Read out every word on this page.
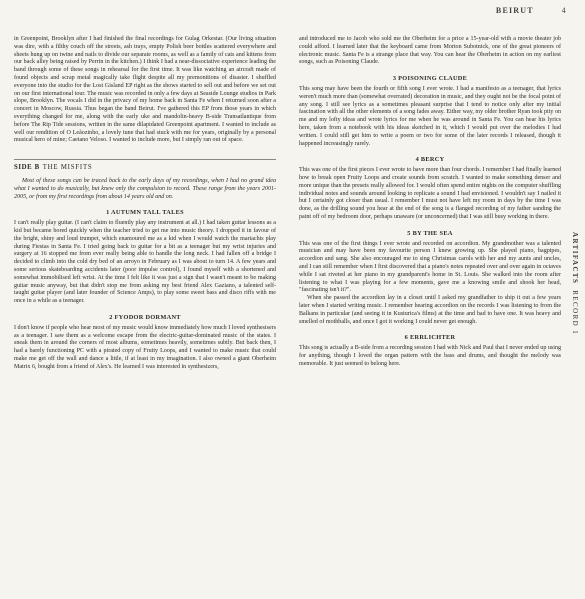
BEIRUT	4

in Greenpoint, Brooklyn after I had finished the final recordings for Gulag Orkestar. (Our living situation was dire, with a filthy couch off the streets, ash trays, empty Polish beer bottles scattered everywhere and sheets hung up on twine and nails to divide our separate rooms, as well as a family of cats and kittens from our back alley being raised by Perrin in the kitchen.) I think I had a near-dissociative experience leading the band through some of these songs in rehearsal for the first time. It was like watching an aircraft made of found objects and scrap metal magically take flight despite all my premonitions of disaster. I shuffled everyone into the studio for the Lost Gisland EP right as the shows started to sell out and before we set out on our first international tour. The music was recorded in only a few days at Seaside Lounge studios in Park slope, Brooklyn. The vocals I did in the privacy of my home back in Santa Fe when I returned soon after a concert in Moscow, Russia. Thus began the band Beirut. I've gathered this EP from those years in which everything changed for me, along with the early uke and mandolin-heavy B-side Transatlantique from before The Rip Tide sessions, written in the same dilapidated Greenpoint apartment. I wanted to include as well our rendition of O Leãozinho, a lovely tune that had stuck with me for years, originally by a personal musical hero of mine; Caetano Veloso. I wanted to include more, but I simply ran out of space.

SIDE B THE MISFITS

Most of these songs can be traced back to the early days of my recordings, when I had no grand idea what I wanted to do musically, but knew only the compulsion to record. These range from the years 2001-2005, or from my first recordings from about 14 years old and on.

1 AUTUMN TALL TALES

I can't really play guitar. (I can't claim to fluently play any instrument at all.) I had taken guitar lessons as a kid but became bored quickly when the teacher tried to get me into music theory. I dropped it in favour of the bright, shiny and loud trumpet, which enamoured me as a kid when I would watch the mariachis play during Fiestas in Santa Fe. I tried going back to guitar for a bit as a teenager but my wrist injuries and surgery at 16 stopped me from ever really being able to handle the long neck. I had fallen off a bridge I decided to climb into the cold dry bed of an arroyo in February as I was about to turn 14. A few years and some serious skateboarding accidents later (poor impulse control), I found myself with a shortened and somewhat immobilised left wrist. At the time I felt like it was just a sign that I wasn't meant to be making guitar music anyway, but that didn't stop me from asking my best friend Alex Gaziano, a talented self-taught guitar player (and later founder of Science Amps), to play some sweet bass and disco riffs with me once in a while as a teenager.

2 FYODOR DORMANT

I don't know if people who hear most of my music would know immediately how much I loved synthesisers as a teenager. I saw them as a welcome escape from the electric-guitar-dominated music of the states. I sneak them in around the corners of most albums, sometimes heavily, sometimes subtly. But back then, I had a barely functioning PC with a pirated copy of Fruity Loops, and I wanted to make music that could make me get off the wall and dance a little, if at least in my imagination. I also owned a giant Oberheim Matrix 6, bought from a friend of Alex's. He learned I was interested in synthesizers,

and introduced me to Jacob who sold me the Oberheim for a price a 15-year-old with a movie theater job could afford. I learned later that the keyboard came from Morton Subotnick, one of the great pioneers of electronic music. Santa Fe is a strange place that way. You can hear the Oberheim in action on my earliest songs, such as Poisoning Claude.

3 POISONING CLAUDE

This song may have been the fourth or fifth song I ever wrote. I had a manifesto as a teenager, that lyrics weren't much more than (somewhat overrated) decoration in music, and they ought not be the focal point of any song. I still see lyrics as a sometimes pleasant surprise that I tend to notice only after my initial fascination with all the other elements of a song fades away. Either way, my older brother Ryan took pity on me and my lofty ideas and wrote lyrics for me when he was around in Santa Fe. You can hear his lyrics here, taken from a notebook with his ideas sketched in it, which I would put over the melodies I had written. I could still get him to write a poem or two for some of the later records I released, though it happened increasingly rarely.

4 BERCY

This was one of the first pieces I ever wrote to have more than four chords. I remember I had finally learned how to break open Fruity Loops and create sounds from scratch. I wanted to make something denser and more unique than the presets really allowed for. I would often spend entire nights on the computer shuffling individual notes and sounds around looking to replicate a sound I had envisioned. I wouldn't say I nailed it but I certainly got closer than usual. I remember I must not have left my room in days by the time I was done, as the drilling sound you hear at the end of the song is a flanged recording of my father sanding the paint off of my bedroom door, perhaps unaware (or unconcerned) that I was still busy working in there.

5 BY THE SEA

This was one of the first things I ever wrote and recorded on accordion. My grandmother was a talented musician and may have been my favourite person I knew growing up. She played piano, bagpipes, accordion and sang. She also encouraged me to sing Christmas carols with her and my aunts and uncles, and I can still remember when I first discovered that a piano's notes repeated over and over again in octaves while I sat riveted at her piano in my grandparent's home in St. Louis. She walked into the room after listening to what I was playing for a few moments, gave me a knowing smile and shook her head, "fascinating isn't it?".

When she passed the accordion lay in a closet until I asked my grandfather to ship it out a few years later when I started writing music. I remember hearing accordion on the records I was listening to from the Balkans in particular (and seeing it in Kusturica's films) at the time and had to have one. It was heavy and smelled of mothballs, and once I got it working I could never get enough.

6 ERRLICHTER

This song is actually a B-side from a recording session I had with Nick and Paul that I never ended up using for anything, though I loved the organ pattern with the bass and drums, and thought the melody was memorable. It just seemed to belong here.

ARTIFACTSRECORD 1
